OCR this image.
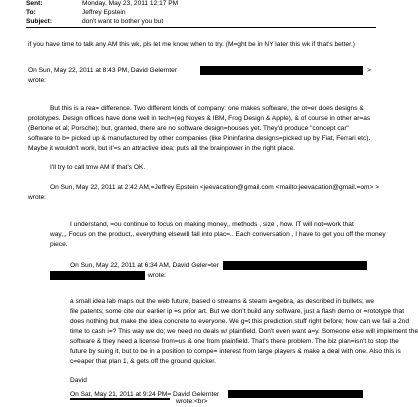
Sent:	Monday, May 23, 2011 12:17 PM
To:	Jeffrey Epstein
Subject:	don't want to bother you but
if you have time to talk any AM this wk, pls let me know when to try. (M=ght be in NY later this wk if that's better.)
On Sun, May 22, 2011 at 8:43 PM, David Gelernter	>
wrote:
But this is a rea= difference. Two different kinds of company: one makes software, the ot=er does designs &
prototypes. Design offices have done well in tech=(eg Noyes & IBM, Frog Design & Apple), & of course in other ar=as
(Bertone et al; Porsche); but, granted, there are no software design=houses yet. They'd produce "concept car"
software to b= picked up & manufactured by other companies (like Pininfarina designs=picked up by Fiat, Ferrari etc).
Maybe it wouldn't work, but it'=s an attractive idea; puts all the brainpower in the right place.
I'll try to call tmw AM if that's OK.
On Sun, May 22, 2011 at 2:42 AM,=Jeffrey Epstein <jeevacation@gmail.com <mailto:jeevacation@gmail.=om> >
wrote:
I understand, =ou continue to focus on making money,, methods , size , how. IT will not=work that
way,,, Focus on the product,, everything elsewill fall into plac=.. Each conversation , I have to get you off the money
piece.
On Sun, May 22, 2011 at 6:34 AM, David Geler=ter
wrote:
a small idea lab maps out the web future, based o streams & steam a=gebra, as described in bullets; we
file patents; some cite our earlier ip =s prior art. But we don't build any software, just a flash demo or =rototype that
does nothing but make the idea concrete to everyone. We g=t this prediction stuff right before; how can we fail a 2nd
time to cash i=? This way we do; we need no deals w/ plainfield. Don't even want a=y. Someone else will implement the
software & they need a license from=us & one from plainfield. That's there problem. The biz plan=isn't to stop the
future by suing it, but to be in a position to compe= interest from large players & make a deal with one. Also this is
c=eaper that plan 1, & gets off the ground quicker.
David
On Sat, May 21, 2011 at 9:24 PM= David Gelernter
wrote:<br>
